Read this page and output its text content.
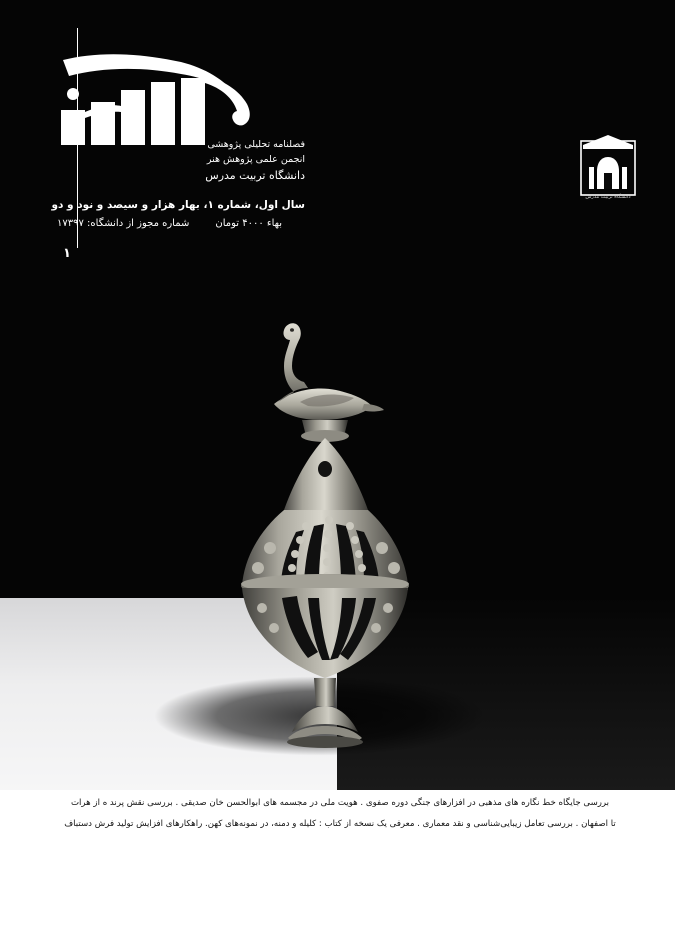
فصلنامه تحلیلی پژوهشی
انجمن علمی پژوهش هنر
دانشگاه تربیت مدرس
سال اول، شماره ۱، بهار هزار و سیصد و نود و دو
بهاء ۴۰۰۰ تومان
شماره مجوز از دانشگاه: ۱۷۳۹۷
۱
دانشگاه تربیت مدرس
بررسی جایگاه خط نگاره های مذهبی در افزارهای جنگی دوره صفوی . هویت ملی در مجسمه های ابوالحسن خان صدیقی . بررسی نقش پرند ه از هرات
تا اصفهان . بررسی تعامل زیبایی‌شناسی و نقد معماری . معرفی یک نسخه از کتاب : کلیله و دمنه، در نمونه‌های کهن. راهکارهای افزایش تولید فرش دستباف
